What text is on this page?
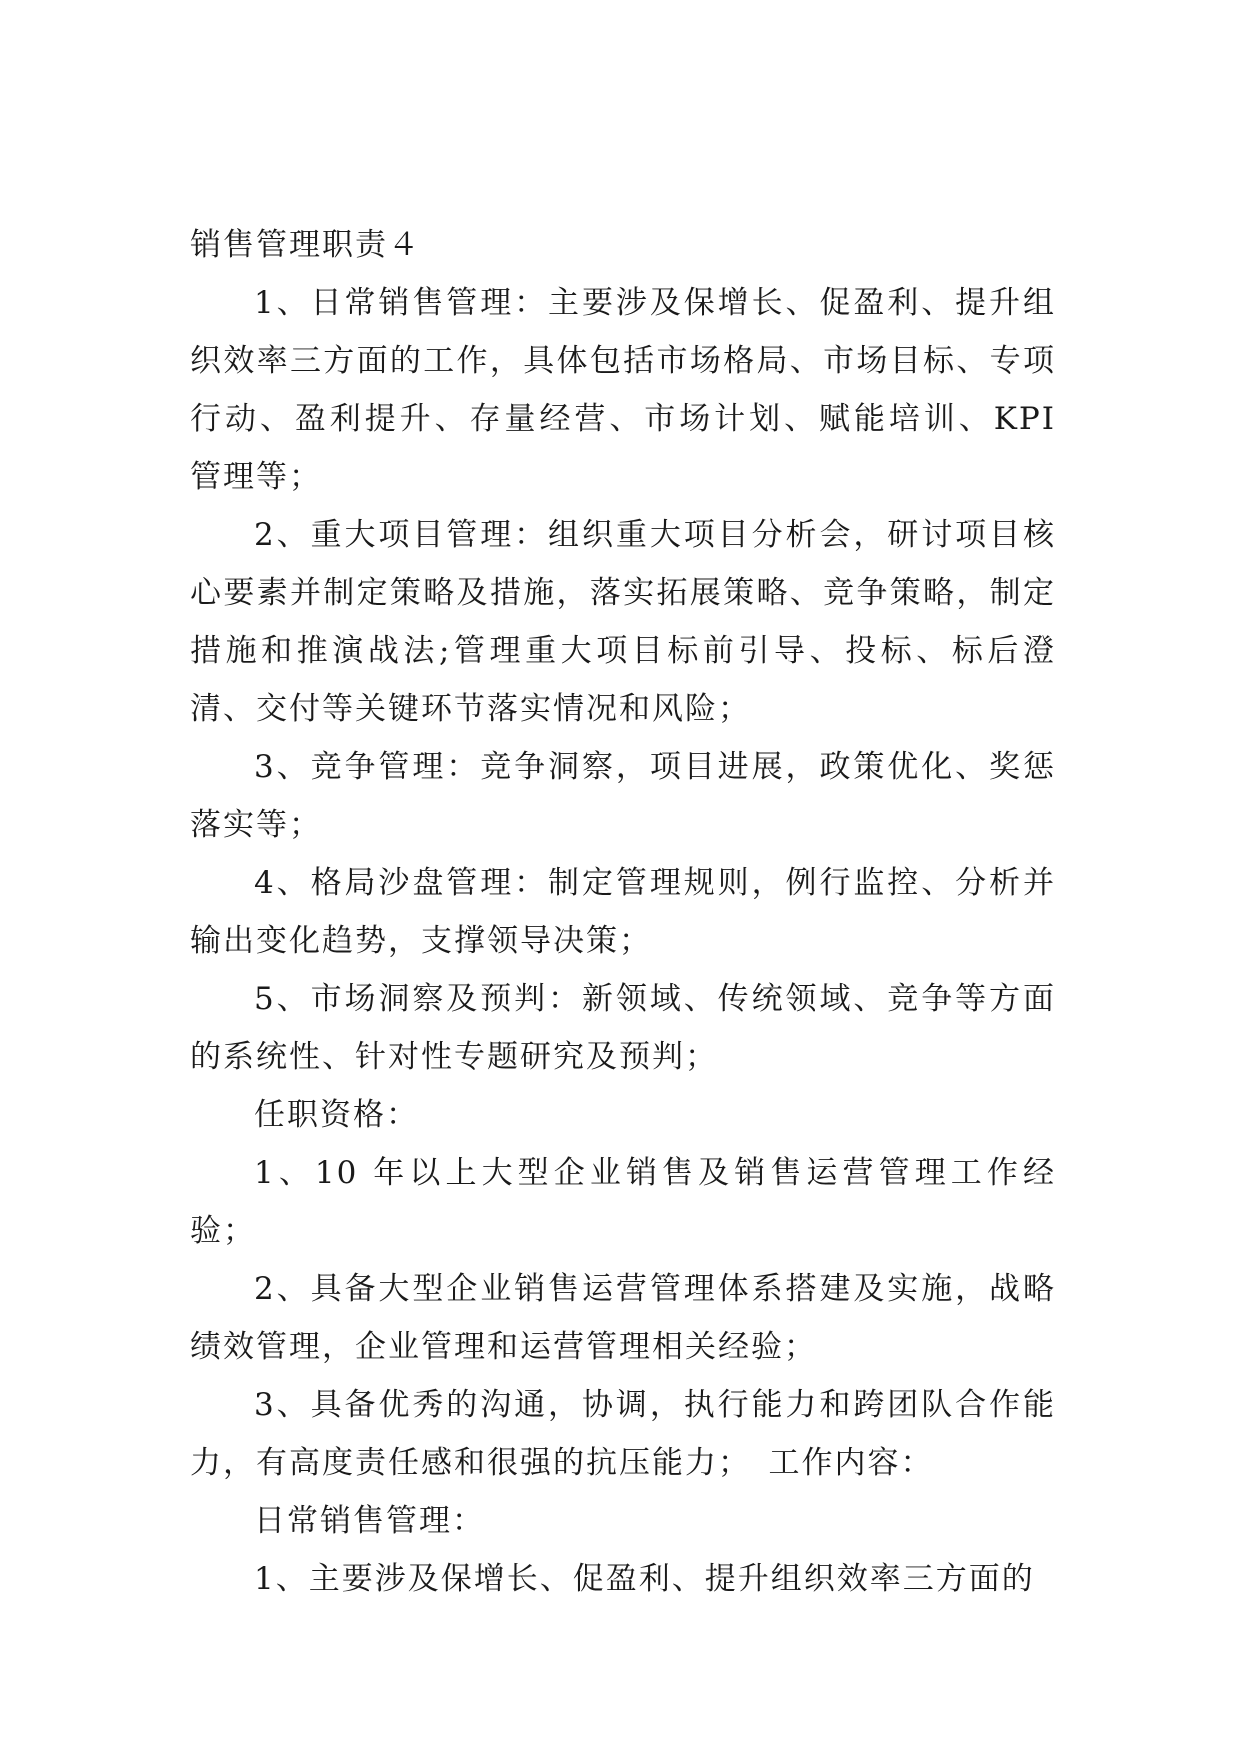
销售管理职责４

1、日常销售管理：主要涉及保增长、促盈利、提升组织效率三方面的工作，具体包括市场格局、市场目标、专项行动、盈利提升、存量经营、市场计划、赋能培训、KPI 管理等；

2、重大项目管理：组织重大项目分析会，研讨项目核心要素并制定策略及措施，落实拓展策略、竞争策略，制定措施和推演战法;管理重大项目标前引导、投标、标后澄清、交付等关键环节落实情况和风险；

3、竞争管理：竞争洞察，项目进展，政策优化、奖惩落实等；

4、格局沙盘管理：制定管理规则，例行监控、分析并输出变化趋势，支撑领导决策；

5、市场洞察及预判：新领域、传统领域、竞争等方面的系统性、针对性专题研究及预判；

任职资格：

1、10 年以上大型企业销售及销售运营管理工作经验；

2、具备大型企业销售运营管理体系搭建及实施，战略绩效管理，企业管理和运营管理相关经验；

3、具备优秀的沟通，协调，执行能力和跨团队合作能力，有高度责任感和很强的抗压能力；　工作内容：

日常销售管理：

1、主要涉及保增长、促盈利、提升组织效率三方面的
